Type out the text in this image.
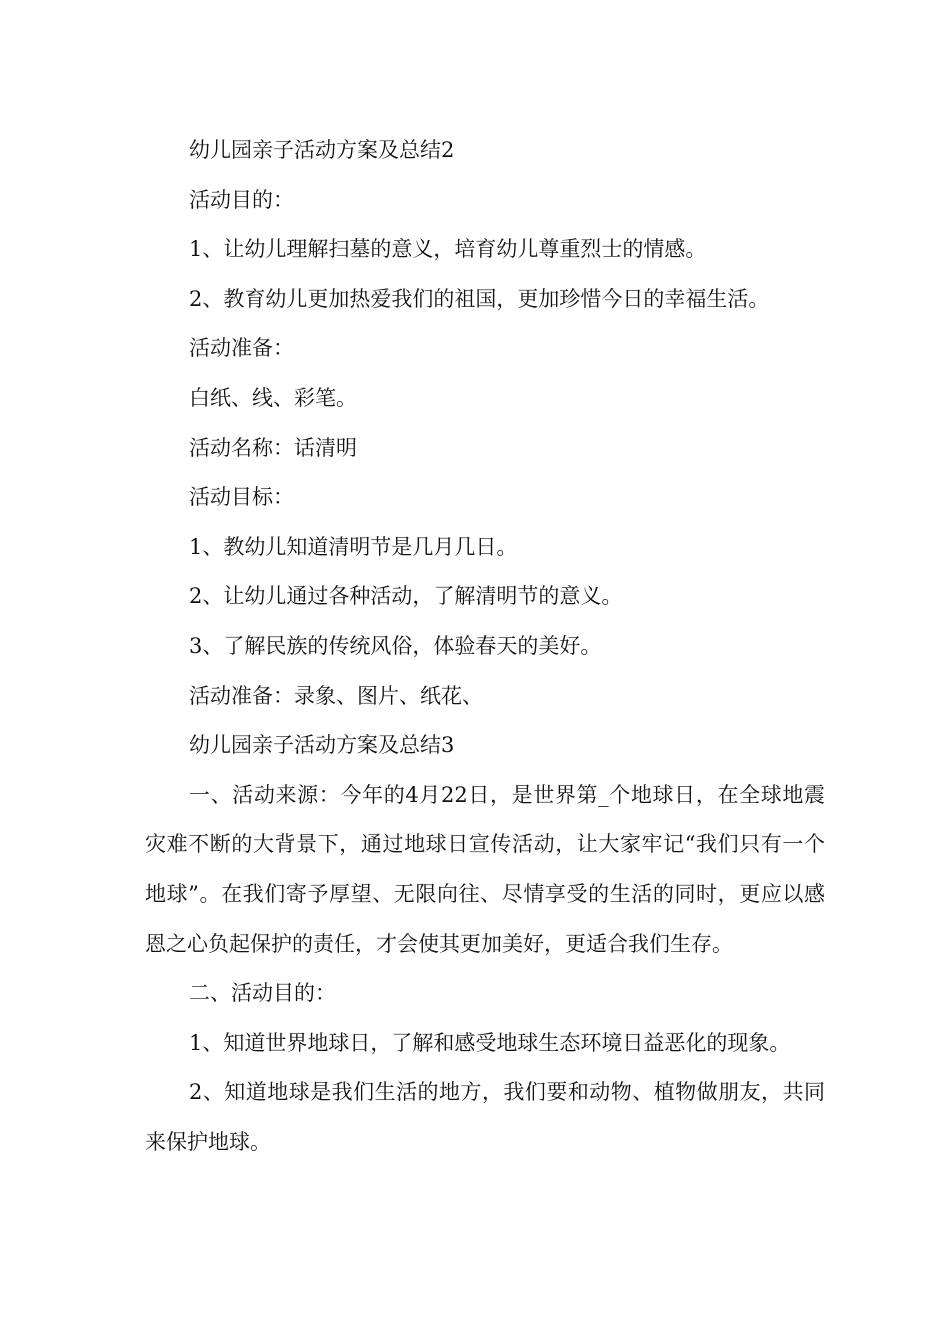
幼儿园亲子活动方案及总结2

活动目的：

1、让幼儿理解扫墓的意义，培育幼儿尊重烈士的情感。

2、教育幼儿更加热爱我们的祖国，更加珍惜今日的幸福生活。

活动准备：

白纸、线、彩笔。

活动名称：话清明

活动目标：

1、教幼儿知道清明节是几月几日。

2、让幼儿通过各种活动，了解清明节的意义。

3、了解民族的传统风俗，体验春天的美好。

活动准备：录象、图片、纸花、

幼儿园亲子活动方案及总结3

一、活动来源：今年的4月22日，是世界第_个地球日，在全球地震灾难不断的大背景下，通过地球日宣传活动，让大家牢记“我们只有一个地球”。在我们寄予厚望、无限向往、尽情享受的生活的同时，更应以感恩之心负起保护的责任，才会使其更加美好，更适合我们生存。

二、活动目的：

1、知道世界地球日，了解和感受地球生态环境日益恶化的现象。

2、知道地球是我们生活的地方，我们要和动物、植物做朋友，共同来保护地球。
